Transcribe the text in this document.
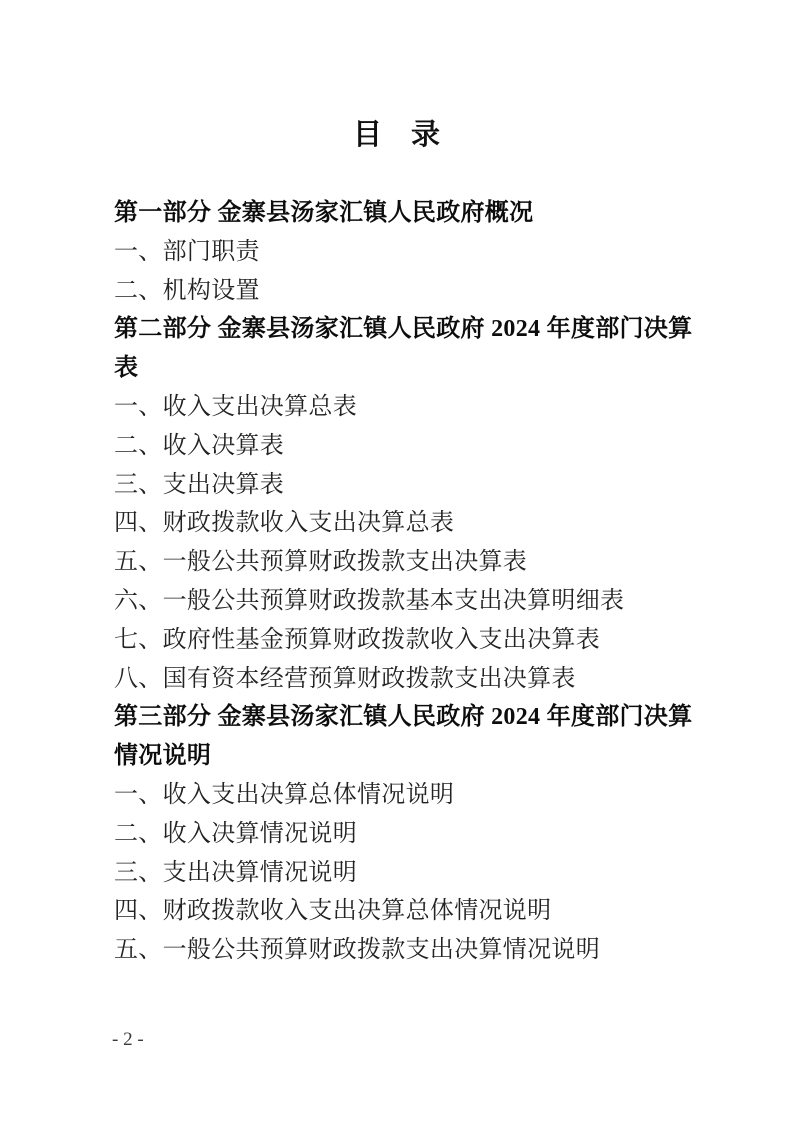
目　录
第一部分 金寨县汤家汇镇人民政府概况
一、部门职责
二、机构设置
第二部分 金寨县汤家汇镇人民政府 2024 年度部门决算
表
一、收入支出决算总表
二、收入决算表
三、支出决算表
四、财政拨款收入支出决算总表
五、一般公共预算财政拨款支出决算表
六、一般公共预算财政拨款基本支出决算明细表
七、政府性基金预算财政拨款收入支出决算表
八、国有资本经营预算财政拨款支出决算表
第三部分 金寨县汤家汇镇人民政府 2024 年度部门决算
情况说明
一、收入支出决算总体情况说明
二、收入决算情况说明
三、支出决算情况说明
四、财政拨款收入支出决算总体情况说明
五、一般公共预算财政拨款支出决算情况说明
- 2 -
